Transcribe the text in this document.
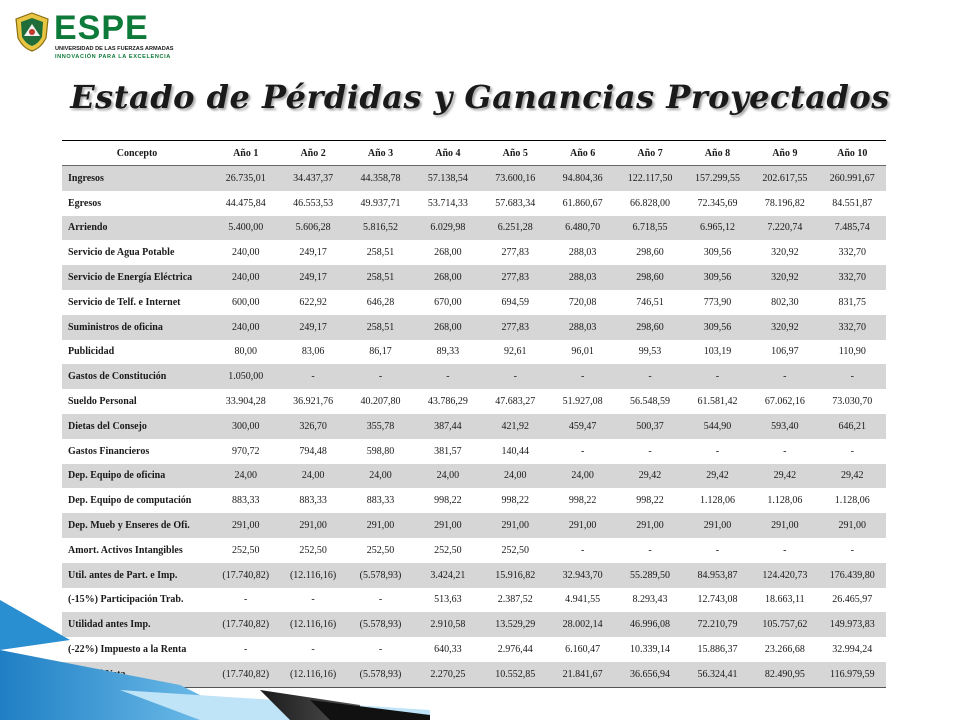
ESPE
UNIVERSIDAD DE LAS FUERZAS ARMADAS
INNOVACIÓN PARA LA EXCELENCIA
Estado de Pérdidas y Ganancias Proyectados
Concepto	Año 1	Año 2	Año 3	Año 4	Año 5	Año 6	Año 7	Año 8	Año 9	Año 10
Ingresos	26.735,01	34.437,37	44.358,78	57.138,54	73.600,16	94.804,36	122.117,50	157.299,55	202.617,55	260.991,67
Egresos	44.475,84	46.553,53	49.937,71	53.714,33	57.683,34	61.860,67	66.828,00	72.345,69	78.196,82	84.551,87
Arriendo	5.400,00	5.606,28	5.816,52	6.029,98	6.251,28	6.480,70	6.718,55	6.965,12	7.220,74	7.485,74
Servicio de Agua Potable	240,00	249,17	258,51	268,00	277,83	288,03	298,60	309,56	320,92	332,70
Servicio de Energía Eléctrica	240,00	249,17	258,51	268,00	277,83	288,03	298,60	309,56	320,92	332,70
Servicio de Telf. e Internet	600,00	622,92	646,28	670,00	694,59	720,08	746,51	773,90	802,30	831,75
Suministros de oficina	240,00	249,17	258,51	268,00	277,83	288,03	298,60	309,56	320,92	332,70
Publicidad	80,00	83,06	86,17	89,33	92,61	96,01	99,53	103,19	106,97	110,90
Gastos de Constitución	1.050,00	-	-	-	-	-	-	-	-	-
Sueldo Personal	33.904,28	36.921,76	40.207,80	43.786,29	47.683,27	51.927,08	56.548,59	61.581,42	67.062,16	73.030,70
Dietas del Consejo	300,00	326,70	355,78	387,44	421,92	459,47	500,37	544,90	593,40	646,21
Gastos Financieros	970,72	794,48	598,80	381,57	140,44	-	-	-	-	-
Dep. Equipo de oficina	24,00	24,00	24,00	24,00	24,00	24,00	29,42	29,42	29,42	29,42
Dep. Equipo de computación	883,33	883,33	883,33	998,22	998,22	998,22	998,22	1.128,06	1.128,06	1.128,06
Dep. Mueb y Enseres de Ofi.	291,00	291,00	291,00	291,00	291,00	291,00	291,00	291,00	291,00	291,00
Amort. Activos Intangibles	252,50	252,50	252,50	252,50	252,50	-	-	-	-	-
Util. antes de Part. e Imp.	(17.740,82)	(12.116,16)	(5.578,93)	3.424,21	15.916,82	32.943,70	55.289,50	84.953,87	124.420,73	176.439,80
(-15%) Participación Trab.	-	-	-	513,63	2.387,52	4.941,55	8.293,43	12.743,08	18.663,11	26.465,97
Utilidad antes Imp.	(17.740,82)	(12.116,16)	(5.578,93)	2.910,58	13.529,29	28.002,14	46.996,08	72.210,79	105.757,62	149.973,83
(-22%) Impuesto a la Renta	-	-	-	640,33	2.976,44	6.160,47	10.339,14	15.886,37	23.266,68	32.994,24
	(17.740,82)	(12.116,16)	(5.578,93)	2.270,25	10.552,85	21.841,67	36.656,94	56.324,41	82.490,95	116.979,59
